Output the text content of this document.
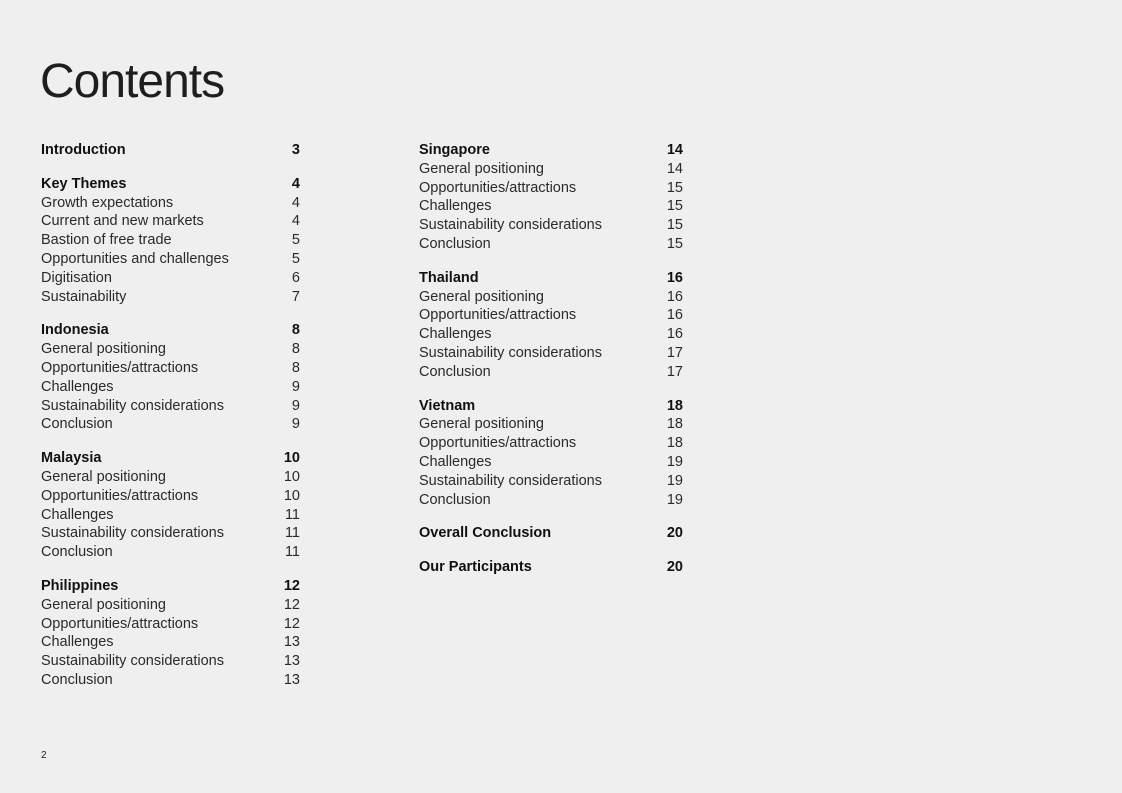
Contents
Introduction	3
Key Themes	4
Growth expectations	4
Current and new markets	4
Bastion of free trade	5
Opportunities and challenges	5
Digitisation	6
Sustainability	7
Indonesia	8
General positioning	8
Opportunities/attractions	8
Challenges	9
Sustainability considerations	9
Conclusion	9
Malaysia	10
General positioning	10
Opportunities/attractions	10
Challenges	11
Sustainability considerations	11
Conclusion	11
Philippines	12
General positioning	12
Opportunities/attractions	12
Challenges	13
Sustainability considerations	13
Conclusion	13
Singapore	14
General positioning	14
Opportunities/attractions	15
Challenges	15
Sustainability considerations	15
Conclusion	15
Thailand	16
General positioning	16
Opportunities/attractions	16
Challenges	16
Sustainability considerations	17
Conclusion	17
Vietnam	18
General positioning	18
Opportunities/attractions	18
Challenges	19
Sustainability considerations	19
Conclusion	19
Overall Conclusion	20
Our Participants	20
2
